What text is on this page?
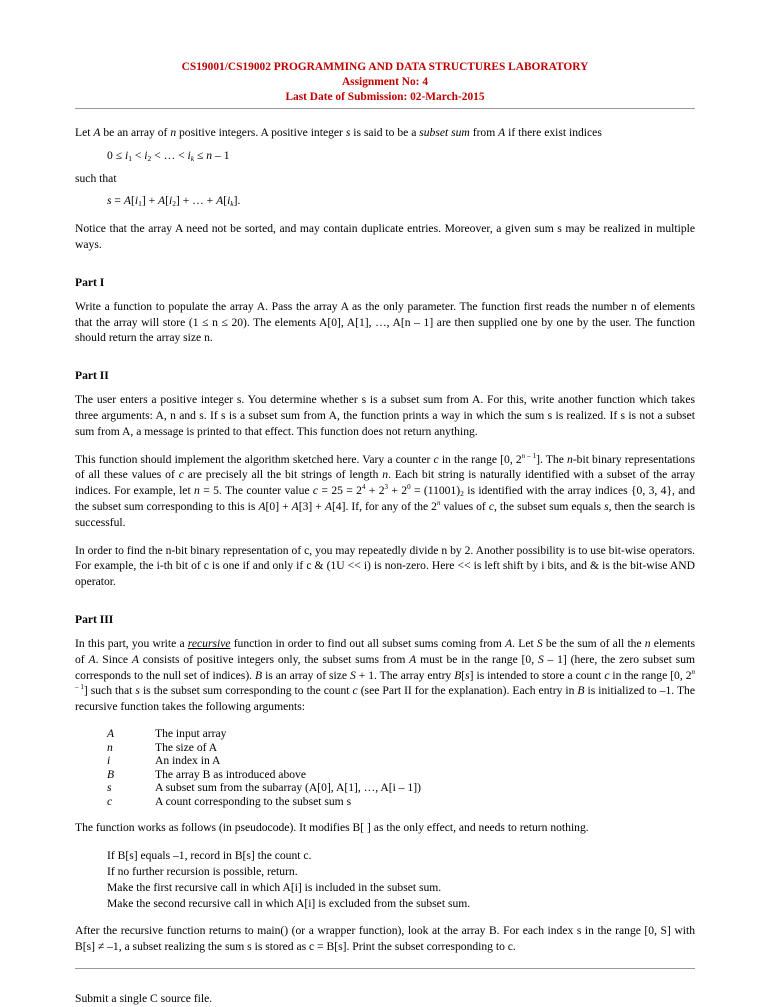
CS19001/CS19002 PROGRAMMING AND DATA STRUCTURES LABORATORY
Assignment No: 4
Last Date of Submission: 02-March-2015

Let A be an array of n positive integers. A positive integer s is said to be a subset sum from A if there exist indices

$0 \le i_1 < i_2$ < … < $i_k \le n - 1$

such that

$s = A[i_1] + A[i_2]$ + … + $A[i_k]$.

Notice that the array A need not be sorted, and may contain duplicate entries. Moreover, a given sum s may be realized in multiple ways.

Part I

Write a function to populate the array A. Pass the array A as the only parameter. The function first reads the number n of elements that the array will store (1 ≤ n ≤ 20). The elements A[0], A[1], …, A[n – 1] are then supplied one by one by the user. The function should return the array size n.

Part II

The user enters a positive integer s. You determine whether s is a subset sum from A. For this, write another function which takes three arguments: A, n and s. If s is a subset sum from A, the function prints a way in which the sum s is realized. If s is not a subset sum from A, a message is printed to that effect. This function does not return anything.

This function should implement the algorithm sketched here. Vary a counter c in the range [0, 2$^{n - 1}$]. The n-bit binary representations of all these values of c are precisely all the bit strings of length n. Each bit string is naturally identified with a subset of the array indices. For example, let n = 5. The counter value $c = 25 = 2^4 + 2^3 + 2^0 = (11001)_2$ is identified with the array indices {0, 3, 4}, and the subset sum corresponding to this is A[0] + A[3] + A[4]. If, for any of the 2$^n$ values of c, the subset sum equals s, then the search is successful.

In order to find the n-bit binary representation of c, you may repeatedly divide n by 2. Another possibility is to use bit-wise operators. For example, the i-th bit of c is one if and only if c & (1U << i) is non-zero. Here << is left shift by i bits, and & is the bit-wise AND operator.

Part III

In this part, you write a recursive function in order to find out all subset sums coming from A. Let S be the sum of all the n elements of A. Since A consists of positive integers only, the subset sums from A must be in the range [0, S – 1] (here, the zero subset sum corresponds to the null set of indices). B is an array of size S + 1. The array entry B[s] is intended to store a count c in the range [0, 2$^{n - 1}$] such that s is the subset sum corresponding to the count c (see Part II for the explanation). Each entry in B is initialized to –1. The recursive function takes the following arguments:

A	The input array
n	The size of A
i	An index in A
B	The array B as introduced above
s	A subset sum from the subarray (A[0], A[1], …, A[i – 1])
c	A count corresponding to the subset sum s

The function works as follows (in pseudocode). It modifies B[ ] as the only effect, and needs to return nothing.

If B[s] equals –1, record in B[s] the count c.

If no further recursion is possible, return.

Make the first recursive call in which A[i] is included in the subset sum.

Make the second recursive call in which A[i] is excluded from the subset sum.

After the recursive function returns to main() (or a wrapper function), look at the array B. For each index s in the range [0, S] with B[s] ≠ –1, a subset realizing the sum s is stored as c = B[s]. Print the subset corresponding to c.

Submit a single C source file.
